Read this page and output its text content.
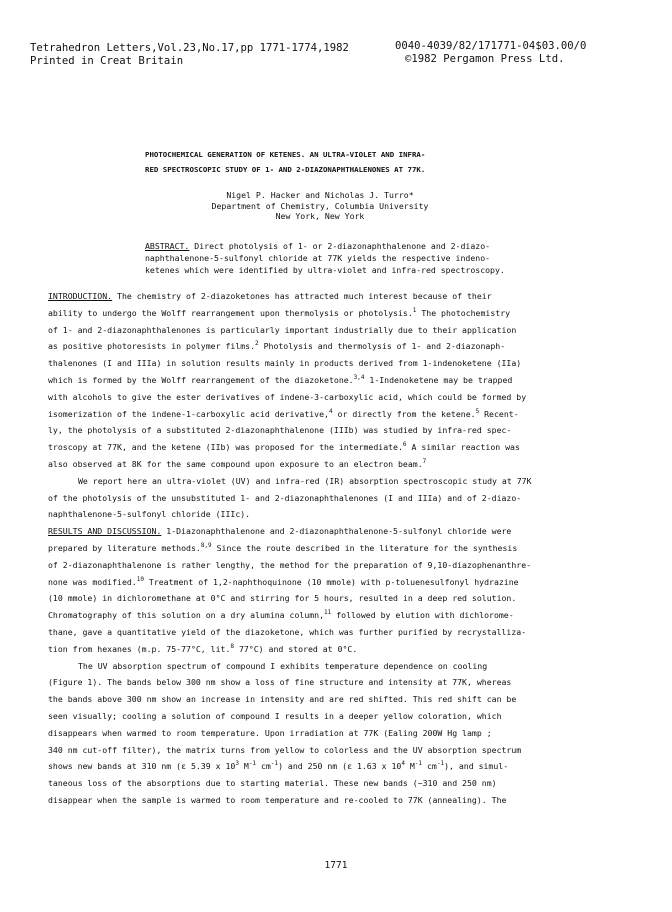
Tetrahedron Letters,Vol.23,No.17,pp 1771-1774,1982
Printed in Creat Britain
0040-4039/82/171771-04$03.00/0
©1982 Pergamon Press Ltd.
PHOTOCHEMICAL GENERATION OF KETENES. AN ULTRA-VIOLET AND INFRA-
RED SPECTROSCOPIC STUDY OF 1- AND 2-DIAZONAPHTHALENONES AT 77K.
Nigel P. Hacker and Nicholas J. Turro*
Department of Chemistry, Columbia University
New York, New York
ABSTRACT. Direct photolysis of 1- or 2-diazonaphthalenone and 2-diazo-
naphthalenone-5-sulfonyl chloride at 77K yields the respective indeno-
ketenes which were identified by ultra-violet and infra-red spectroscopy.
INTRODUCTION. The chemistry of 2-diazoketones has attracted much interest because of their
ability to undergo the Wolff rearrangement upon thermolysis or photolysis.$^1$ The photochemistry
of 1- and 2-diazonaphthalenones is particularly important industrially due to their application
as positive photoresists in polymer films.$^2$ Photolysis and thermolysis of 1- and 2-diazonaph-
thalenones (I and IIIa) in solution results mainly in products derived from 1-indenoketene (IIa)
which is formed by the Wolff rearrangement of the diazoketone.$^{3,4}$ 1-Indenoketene may be trapped
with alcohols to give the ester derivatives of indene-3-carboxylic acid, which could be formed by
isomerization of the indene-1-carboxylic acid derivative,$^4$ or directly from the ketene.$^5$ Recent-
ly, the photolysis of a substituted 2-diazonaphthalenone (IIIb) was studied by infra-red spec-
troscopy at 77K, and the ketene (IIb) was proposed for the intermediate.$^6$ A similar reaction was
also observed at 8K for the same compound upon exposure to an electron beam.$^7$
We report here an ultra-violet (UV) and infra-red (IR) absorption spectroscopic study at 77K
of the photolysis of the unsubstituted 1- and 2-diazonaphthalenones (I and IIIa) and of 2-diazo-
naphthalenone-5-sulfonyl chloride (IIIc).
RESULTS AND DISCUSSION. 1-Diazonaphthalenone and 2-diazonaphthalenone-5-sulfonyl chloride were
prepared by literature methods.$^{8,9}$ Since the route described in the literature for the synthesis
of 2-diazonaphthalenone is rather lengthy, the method for the preparation of 9,10-diazophenanthre-
none was modified.$^{10}$ Treatment of 1,2-naphthoquinone (10 mmole) with p-toluenesulfonyl hydrazine
(10 mmole) in dichloromethane at 0°C and stirring for 5 hours, resulted in a deep red solution.
Chromatography of this solution on a dry alumina column,$^{11}$ followed by elution with dichlorome-
thane, gave a quantitative yield of the diazoketone, which was further purified by recrystalliza-
tion from hexanes (m.p. 75-77°C, lit.$^8$ 77°C) and stored at 0°C.
The UV absorption spectrum of compound I exhibits temperature dependence on cooling
(Figure 1). The bands below 300 nm show a loss of fine structure and intensity at 77K, whereas
the bands above 300 nm show an increase in intensity and are red shifted. This red shift can be
seen visually; cooling a solution of compound I results in a deeper yellow coloration, which
disappears when warmed to room temperature. Upon irradiation at 77K (Ealing 200W Hg lamp ;
340 nm cut-off filter), the matrix turns from yellow to colorless and the UV absorption spectrum
shows new bands at 310 nm (ε 5.39 x $10^3$ $M^{-1}$ $cm^{-1}$) and 250 nm (ε 1.63 x $10^4$ $M^{-1}$ $cm^{-1}$), and simul-
taneous loss of the absorptions due to starting material. These new bands (~310 and 250 nm)
disappear when the sample is warmed to room temperature and re-cooled to 77K (annealing). The
1771
